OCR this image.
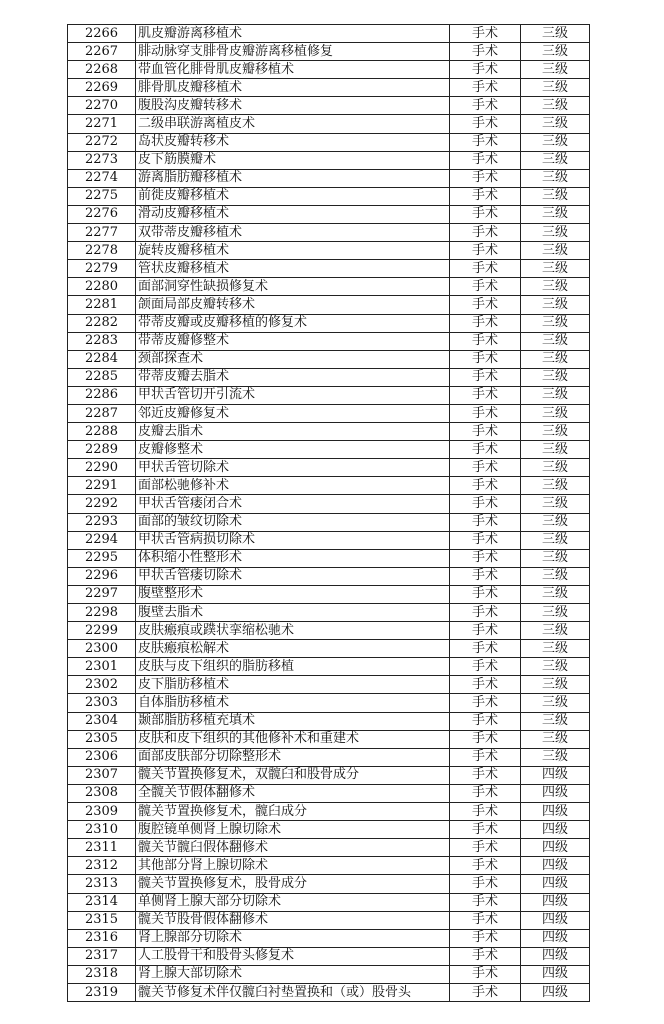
2266	肌皮瓣游离移植术	手术	三级
2267	腓动脉穿支腓骨皮瓣游离移植修复	手术	三级
2268	带血管化腓骨肌皮瓣移植术	手术	三级
2269	腓骨肌皮瓣移植术	手术	三级
2270	腹股沟皮瓣转移术	手术	三级
2271	二级串联游离植皮术	手术	三级
2272	岛状皮瓣转移术	手术	三级
2273	皮下筋膜瓣术	手术	三级
2274	游离脂肪瓣移植术	手术	三级
2275	前徙皮瓣移植术	手术	三级
2276	滑动皮瓣移植术	手术	三级
2277	双带蒂皮瓣移植术	手术	三级
2278	旋转皮瓣移植术	手术	三级
2279	管状皮瓣移植术	手术	三级
2280	面部洞穿性缺损修复术	手术	三级
2281	颌面局部皮瓣转移术	手术	三级
2282	带蒂皮瓣或皮瓣移植的修复术	手术	三级
2283	带蒂皮瓣修整术	手术	三级
2284	颈部探查术	手术	三级
2285	带蒂皮瓣去脂术	手术	三级
2286	甲状舌管切开引流术	手术	三级
2287	邻近皮瓣修复术	手术	三级
2288	皮瓣去脂术	手术	三级
2289	皮瓣修整术	手术	三级
2290	甲状舌管切除术	手术	三级
2291	面部松驰修补术	手术	三级
2292	甲状舌管瘘闭合术	手术	三级
2293	面部的皱纹切除术	手术	三级
2294	甲状舌管病损切除术	手术	三级
2295	体积缩小性整形术	手术	三级
2296	甲状舌管瘘切除术	手术	三级
2297	腹壁整形术	手术	三级
2298	腹壁去脂术	手术	三级
2299	皮肤瘢痕或蹼状挛缩松驰术	手术	三级
2300	皮肤瘢痕松解术	手术	三级
2301	皮肤与皮下组织的脂肪移植	手术	三级
2302	皮下脂肪移植术	手术	三级
2303	自体脂肪移植术	手术	三级
2304	颞部脂肪移植充填术	手术	三级
2305	皮肤和皮下组织的其他修补术和重建术	手术	三级
2306	面部皮肤部分切除整形术	手术	三级
2307	髋关节置换修复术，双髋臼和股骨成分	手术	四级
2308	全髋关节假体翻修术	手术	四级
2309	髋关节置换修复术，髋臼成分	手术	四级
2310	腹腔镜单侧肾上腺切除术	手术	四级
2311	髋关节髋臼假体翻修术	手术	四级
2312	其他部分肾上腺切除术	手术	四级
2313	髋关节置换修复术，股骨成分	手术	四级
2314	单侧肾上腺大部分切除术	手术	四级
2315	髋关节股骨假体翻修术	手术	四级
2316	肾上腺部分切除术	手术	四级
2317	人工股骨干和股骨头修复术	手术	四级
2318	肾上腺大部切除术	手术	四级
2319	髋关节修复术伴仅髋臼衬垫置换和（或）股骨头	手术	四级
